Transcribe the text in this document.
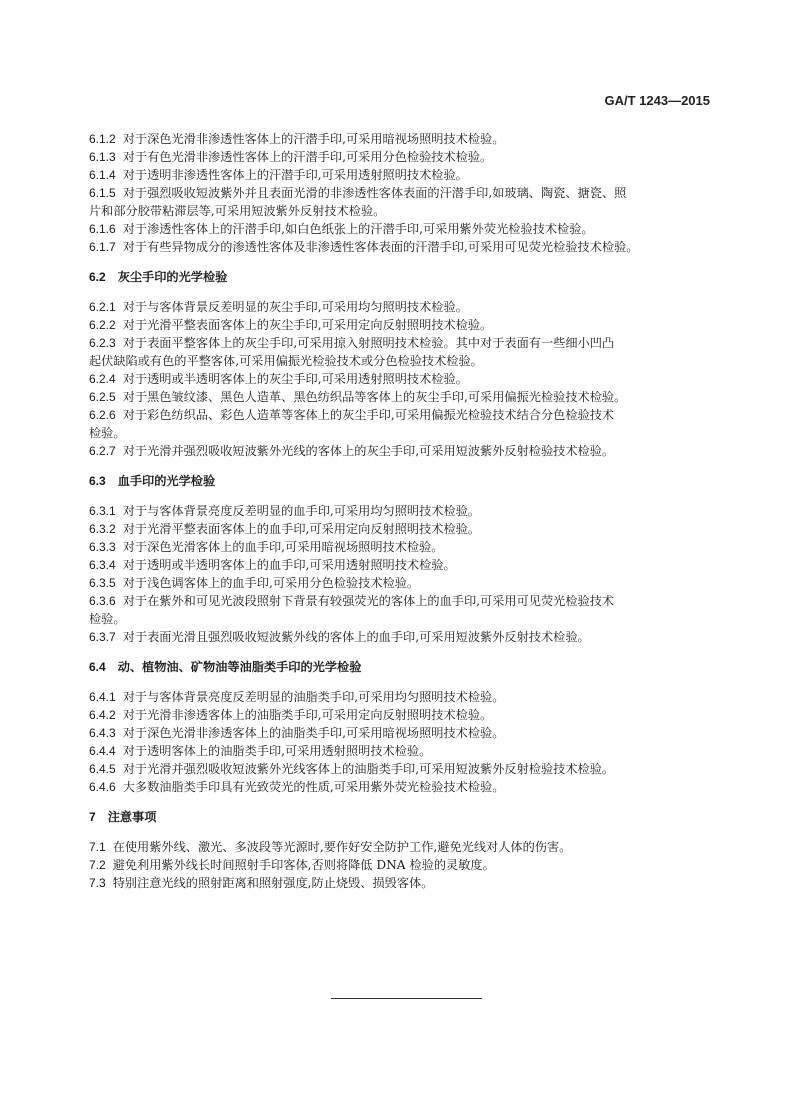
GA/T 1243—2015
6.1.2 对于深色光滑非渗透性客体上的汗潜手印,可采用暗视场照明技术检验。
6.1.3 对于有色光滑非渗透性客体上的汗潜手印,可采用分色检验技术检验。
6.1.4 对于透明非渗透性客体上的汗潜手印,可采用透射照明技术检验。
6.1.5 对于强烈吸收短波紫外并且表面光滑的非渗透性客体表面的汗潜手印,如玻璃、陶瓷、搪瓷、照
片和部分胶带粘滞层等,可采用短波紫外反射技术检验。
6.1.6 对于渗透性客体上的汗潜手印,如白色纸张上的汗潜手印,可采用紫外荧光检验技术检验。
6.1.7 对于有些异物成分的渗透性客体及非渗透性客体表面的汗潜手印,可采用可见荧光检验技术检验。
6.2 灰尘手印的光学检验
6.2.1 对于与客体背景反差明显的灰尘手印,可采用均匀照明技术检验。
6.2.2 对于光滑平整表面客体上的灰尘手印,可采用定向反射照明技术检验。
6.2.3 对于表面平整客体上的灰尘手印,可采用掠入射照明技术检验。其中对于表面有一些细小凹凸
起伏缺陷或有色的平整客体,可采用偏振光检验技术或分色检验技术检验。
6.2.4 对于透明或半透明客体上的灰尘手印,可采用透射照明技术检验。
6.2.5 对于黑色皱纹漆、黑色人造革、黑色纺织品等客体上的灰尘手印,可采用偏振光检验技术检验。
6.2.6 对于彩色纺织品、彩色人造革等客体上的灰尘手印,可采用偏振光检验技术结合分色检验技术
检验。
6.2.7 对于光滑并强烈吸收短波紫外光线的客体上的灰尘手印,可采用短波紫外反射检验技术检验。
6.3 血手印的光学检验
6.3.1 对于与客体背景亮度反差明显的血手印,可采用均匀照明技术检验。
6.3.2 对于光滑平整表面客体上的血手印,可采用定向反射照明技术检验。
6.3.3 对于深色光滑客体上的血手印,可采用暗视场照明技术检验。
6.3.4 对于透明或半透明客体上的血手印,可采用透射照明技术检验。
6.3.5 对于浅色调客体上的血手印,可采用分色检验技术检验。
6.3.6 对于在紫外和可见光波段照射下背景有较强荧光的客体上的血手印,可采用可见荧光检验技术
检验。
6.3.7 对于表面光滑且强烈吸收短波紫外线的客体上的血手印,可采用短波紫外反射技术检验。
6.4 动、植物油、矿物油等油脂类手印的光学检验
6.4.1 对于与客体背景亮度反差明显的油脂类手印,可采用均匀照明技术检验。
6.4.2 对于光滑非渗透客体上的油脂类手印,可采用定向反射照明技术检验。
6.4.3 对于深色光滑非渗透客体上的油脂类手印,可采用暗视场照明技术检验。
6.4.4 对于透明客体上的油脂类手印,可采用透射照明技术检验。
6.4.5 对于光滑并强烈吸收短波紫外光线客体上的油脂类手印,可采用短波紫外反射检验技术检验。
6.4.6 大多数油脂类手印具有光致荧光的性质,可采用紫外荧光检验技术检验。
7 注意事项
7.1 在使用紫外线、激光、多波段等光源时,要作好安全防护工作,避免光线对人体的伤害。
7.2 避免利用紫外线长时间照射手印客体,否则将降低 DNA 检验的灵敏度。
7.3 特别注意光线的照射距离和照射强度,防止烧毁、损毁客体。
